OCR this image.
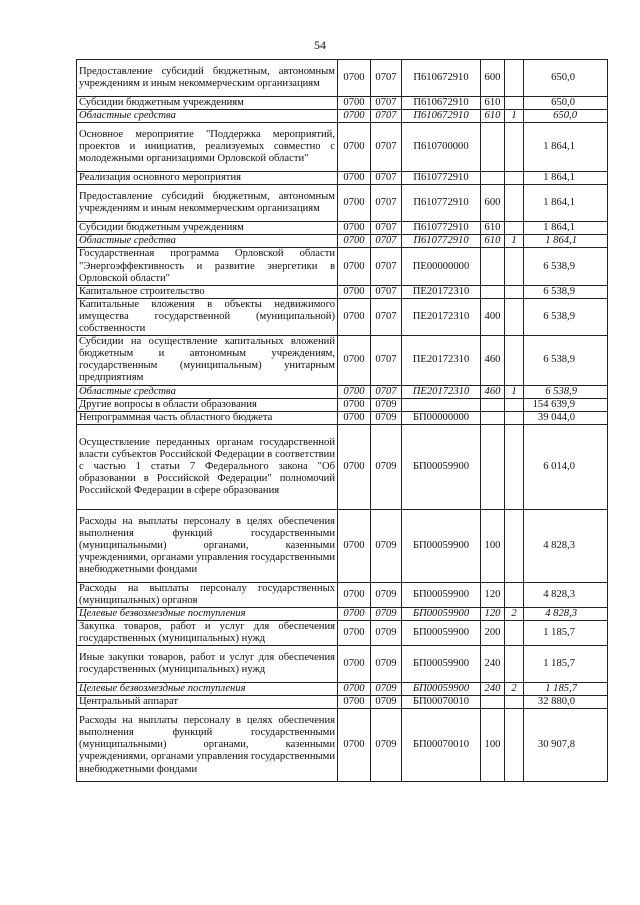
54
Предоставление субсидий бюджетным, автономным учреждениям и иным некоммерческим организациям	0700	0707	П610672910	600		650,0
Субсидии бюджетным учреждениям	0700	0707	П610672910	610		650,0
Областные средства	0700	0707	П610672910	610	1	650,0
Основное мероприятие "Поддержка мероприятий, проектов и инициатив, реализуемых совместно с молодежными организациями Орловской области"	0700	0707	П610700000			1 864,1
Реализация основного мероприятия	0700	0707	П610772910			1 864,1
Предоставление субсидий бюджетным, автономным учреждениям и иным некоммерческим организациям	0700	0707	П610772910	600		1 864,1
Субсидии бюджетным учреждениям	0700	0707	П610772910	610		1 864,1
Областные средства	0700	0707	П610772910	610	1	1 864,1
Государственная программа Орловской области "Энергоэффективность и развитие энергетики в Орловской области"	0700	0707	ПЕ00000000			6 538,9
Капитальное строительство	0700	0707	ПЕ20172310			6 538,9
Капитальные вложения в объекты недвижимого имущества государственной (муниципальной) собственности	0700	0707	ПЕ20172310	400		6 538,9
Субсидии на осуществление капитальных вложений бюджетным и автономным учреждениям, государственным (муниципальным) унитарным предприятиям	0700	0707	ПЕ20172310	460		6 538,9
Областные средства	0700	0707	ПЕ20172310	460	1	6 538,9
Другие вопросы в области образования	0700	0709				154 639,9
Непрограммная часть областного бюджета	0700	0709	БП00000000			39 044,0
Осуществление переданных органам государственной власти субъектов Российской Федерации в соответствии с частью 1 статьи 7 Федерального закона "Об образовании в Российской Федерации" полномочий Российской Федерации в сфере образования	0700	0709	БП00059900			6 014,0
Расходы на выплаты персоналу в целях обеспечения выполнения функций государственными (муниципальными) органами, казенными учреждениями, органами управления государственными внебюджетными фондами	0700	0709	БП00059900	100		4 828,3
Расходы на выплаты персоналу государственных (муниципальных) органов	0700	0709	БП00059900	120		4 828,3
Целевые безвозмездные поступления	0700	0709	БП00059900	120	2	4 828,3
Закупка товаров, работ и услуг для обеспечения государственных (муниципальных) нужд	0700	0709	БП00059900	200		1 185,7
Иные закупки товаров, работ и услуг для обеспечения государственных (муниципальных) нужд	0700	0709	БП00059900	240		1 185,7
Целевые безвозмездные поступления	0700	0709	БП00059900	240	2	1 185,7
Центральный аппарат	0700	0709	БП00070010			32 880,0
Расходы на выплаты персоналу в целях обеспечения выполнения функций государственными (муниципальными) органами, казенными учреждениями, органами управления государственными внебюджетными фондами	0700	0709	БП00070010	100		30 907,8
